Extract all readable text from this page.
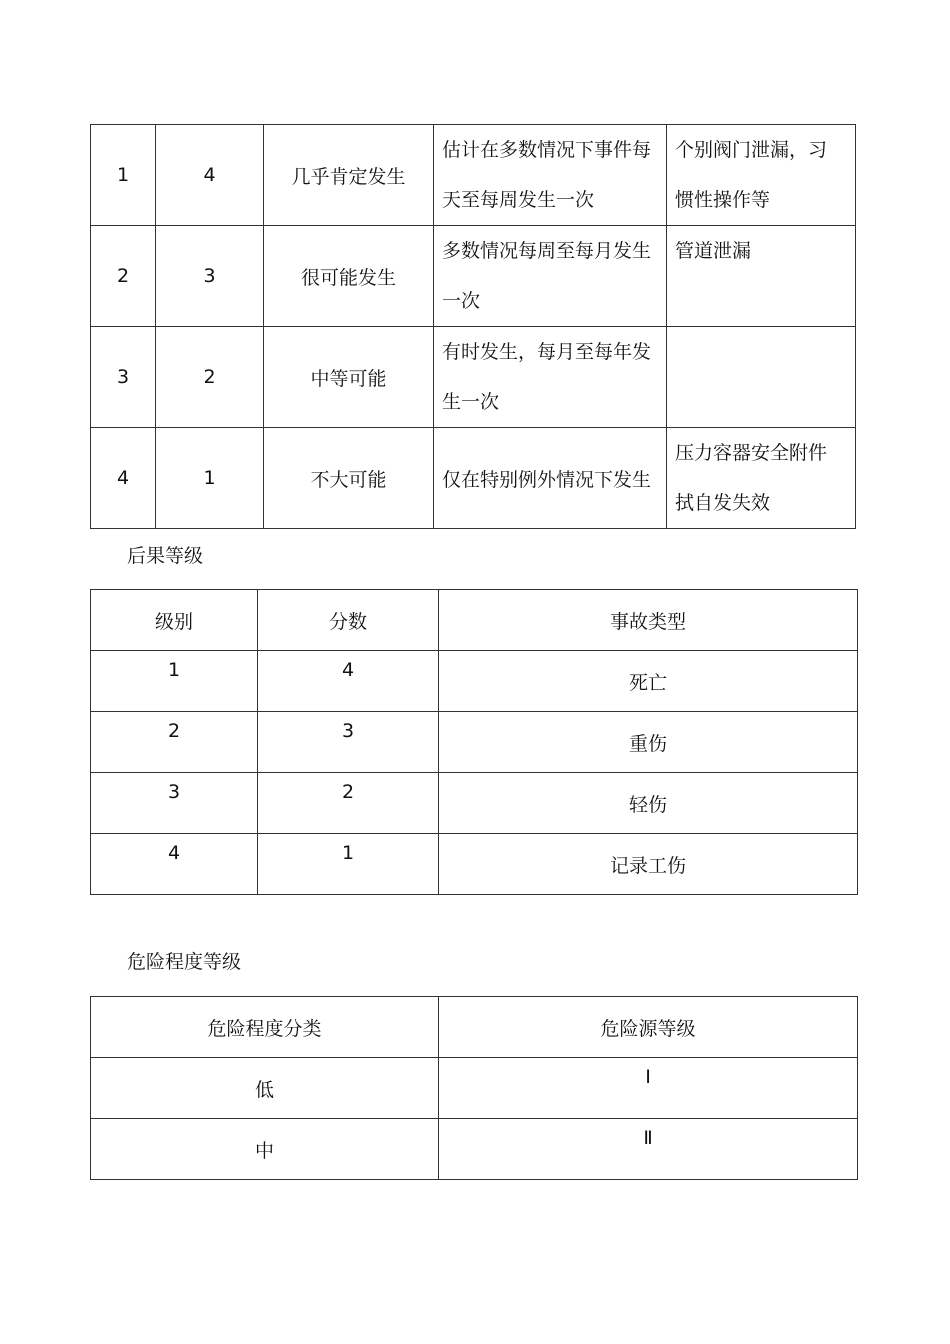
1	4	几乎肯定发生	估计在多数情况下事件每
天至每周发生一次	个别阀门泄漏，习
惯性操作等
2	3	很可能发生	多数情况每周至每月发生
一次	管道泄漏
3	2	中等可能	有时发生，每月至每年发
生一次	
4	1	不大可能	仅在特别例外情况下发生	压力容器安全附件
拭自发失效
后果等级
级别	分数	事故类型
1	4	死亡
2	3	重伤
3	2	轻伤
4	1	记录工伤
危险程度等级
危险程度分类	危险源等级
低	Ⅰ
中	Ⅱ
